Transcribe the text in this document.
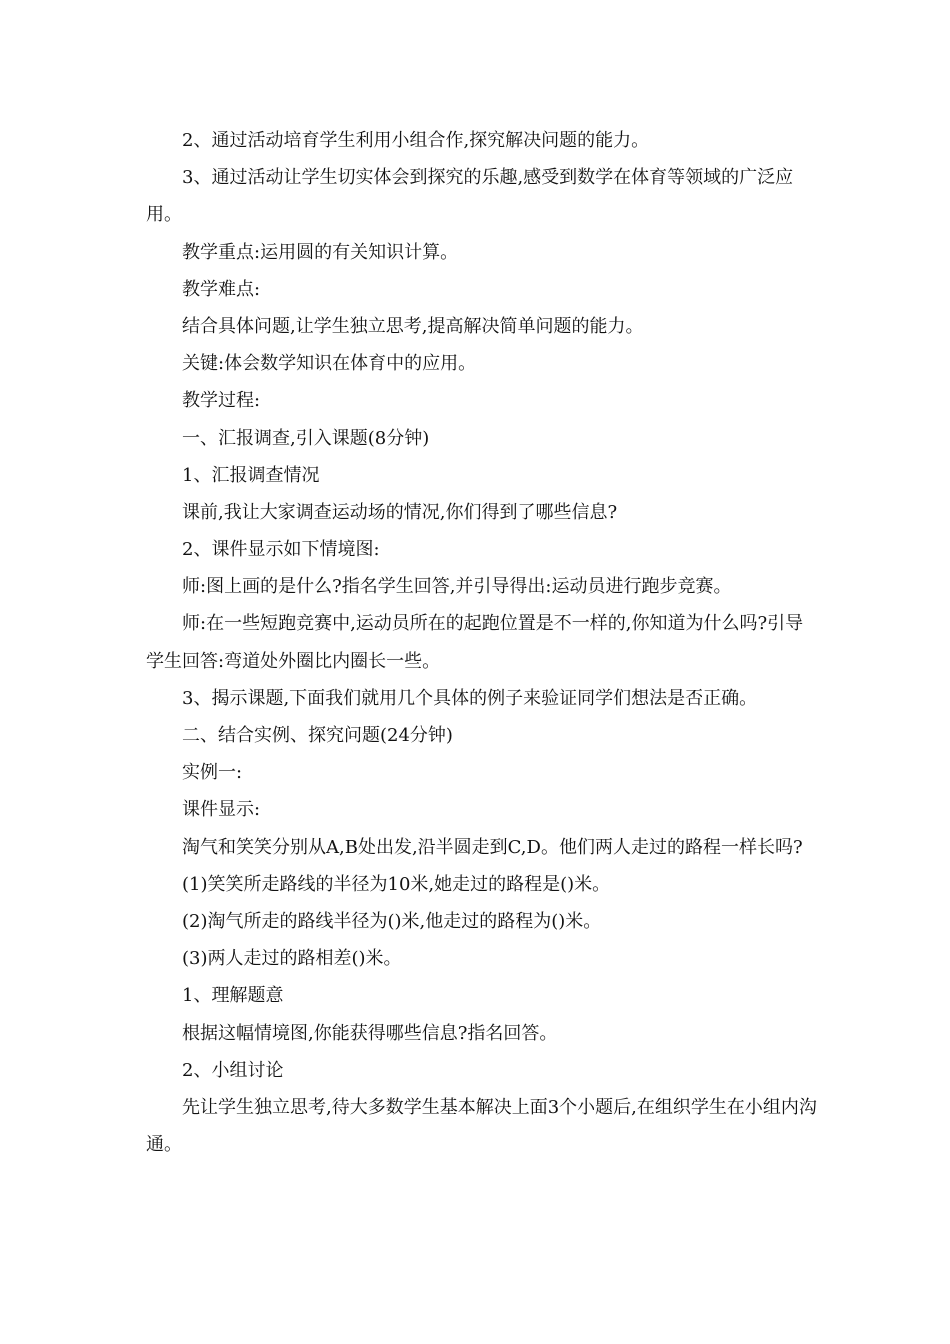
2、通过活动培育学生利用小组合作,探究解决问题的能力。
3、通过活动让学生切实体会到探究的乐趣,感受到数学在体育等领域的广泛应用。
教学重点:运用圆的有关知识计算。
教学难点:
结合具体问题,让学生独立思考,提高解决简单问题的能力。
关键:体会数学知识在体育中的应用。
教学过程:
一、汇报调查,引入课题(8分钟)
1、汇报调查情况
课前,我让大家调查运动场的情况,你们得到了哪些信息?
2、课件显示如下情境图:
师:图上画的是什么?指名学生回答,并引导得出:运动员进行跑步竞赛。
师:在一些短跑竞赛中,运动员所在的起跑位置是不一样的,你知道为什么吗?引导学生回答:弯道处外圈比内圈长一些。
3、揭示课题,下面我们就用几个具体的例子来验证同学们想法是否正确。
二、结合实例、探究问题(24分钟)
实例一:
课件显示:
淘气和笑笑分别从A,B处出发,沿半圆走到C,D。他们两人走过的路程一样长吗?
(1)笑笑所走路线的半径为10米,她走过的路程是()米。
(2)淘气所走的路线半径为()米,他走过的路程为()米。
(3)两人走过的路相差()米。
1、理解题意
根据这幅情境图,你能获得哪些信息?指名回答。
2、小组讨论
先让学生独立思考,待大多数学生基本解决上面3个小题后,在组织学生在小组内沟通。
